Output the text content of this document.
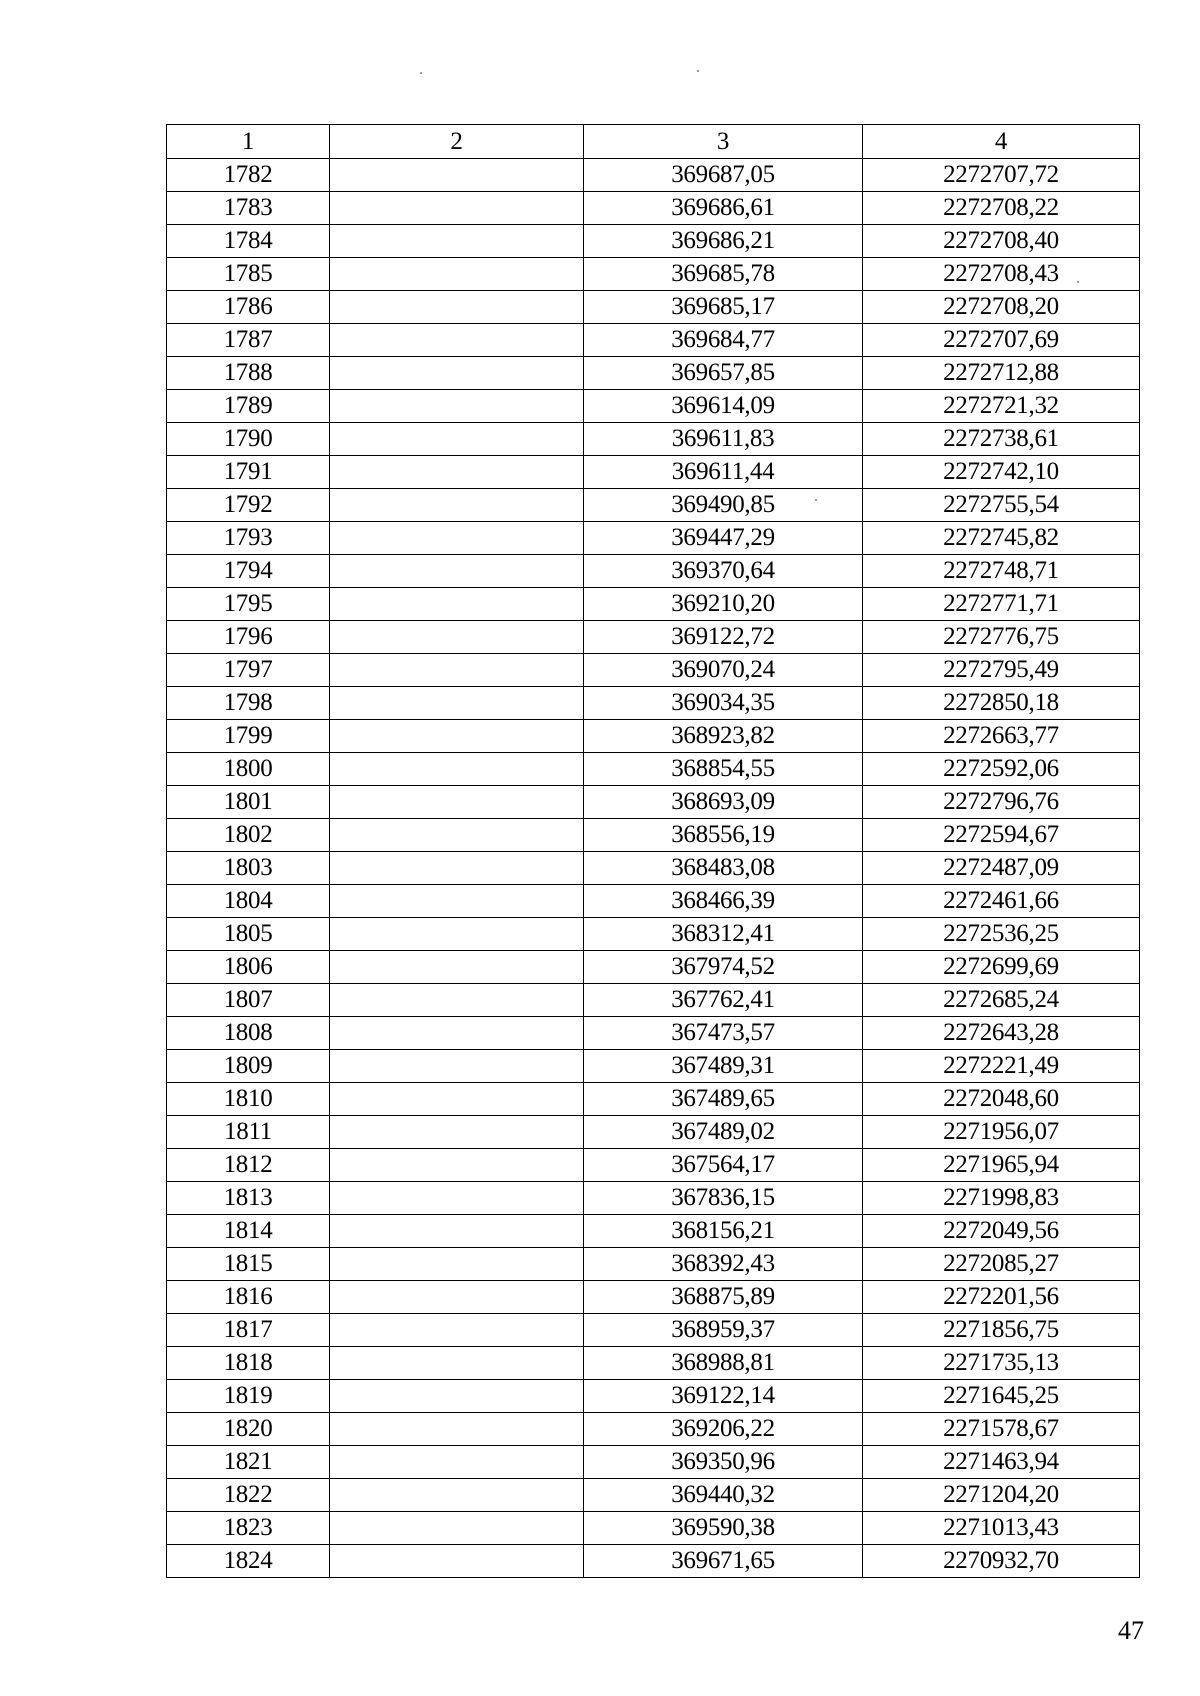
1	2	3	4
1782		369687,05	2272707,72
1783		369686,61	2272708,22
1784		369686,21	2272708,40
1785		369685,78	2272708,43
1786		369685,17	2272708,20
1787		369684,77	2272707,69
1788		369657,85	2272712,88
1789		369614,09	2272721,32
1790		369611,83	2272738,61
1791		369611,44	2272742,10
1792		369490,85	2272755,54
1793		369447,29	2272745,82
1794		369370,64	2272748,71
1795		369210,20	2272771,71
1796		369122,72	2272776,75
1797		369070,24	2272795,49
1798		369034,35	2272850,18
1799		368923,82	2272663,77
1800		368854,55	2272592,06
1801		368693,09	2272796,76
1802		368556,19	2272594,67
1803		368483,08	2272487,09
1804		368466,39	2272461,66
1805		368312,41	2272536,25
1806		367974,52	2272699,69
1807		367762,41	2272685,24
1808		367473,57	2272643,28
1809		367489,31	2272221,49
1810		367489,65	2272048,60
1811		367489,02	2271956,07
1812		367564,17	2271965,94
1813		367836,15	2271998,83
1814		368156,21	2272049,56
1815		368392,43	2272085,27
1816		368875,89	2272201,56
1817		368959,37	2271856,75
1818		368988,81	2271735,13
1819		369122,14	2271645,25
1820		369206,22	2271578,67
1821		369350,96	2271463,94
1822		369440,32	2271204,20
1823		369590,38	2271013,43
1824		369671,65	2270932,70
47
